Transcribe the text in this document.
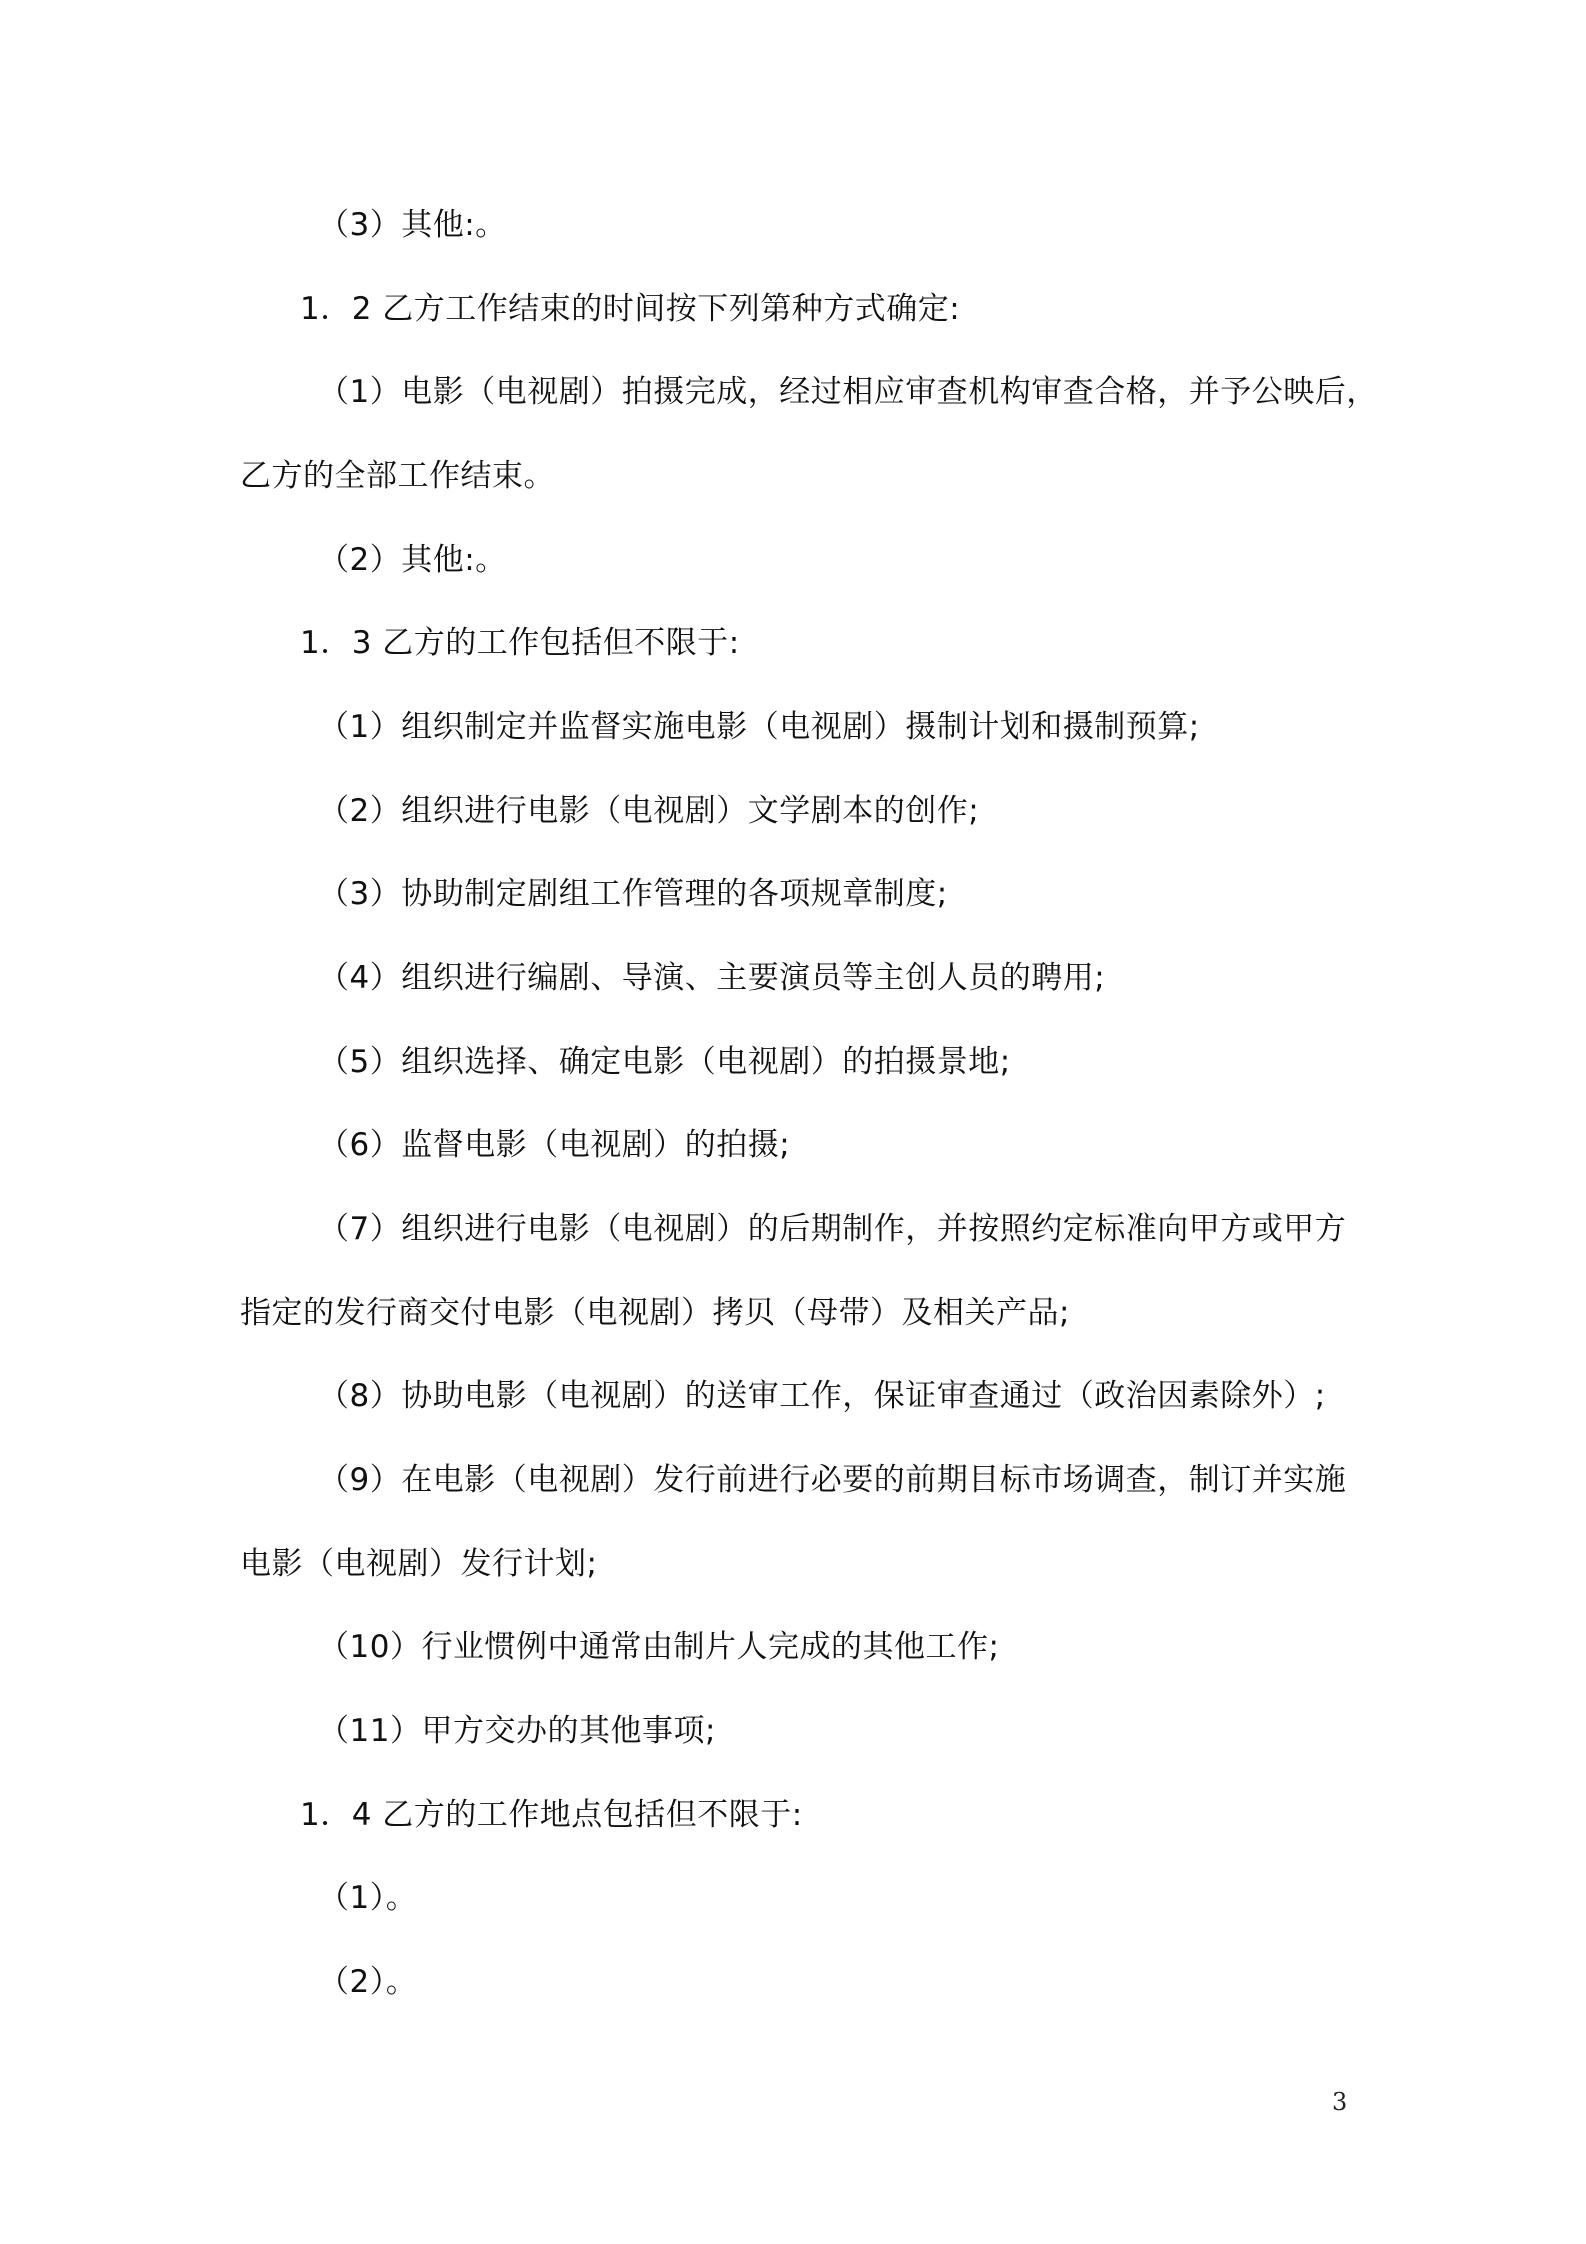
（3）其他:。
1．2 乙方工作结束的时间按下列第种方式确定:
（1）电影（电视剧）拍摄完成，经过相应审查机构审查合格，并予公映后，
乙方的全部工作结束。
（2）其他:。
1．3 乙方的工作包括但不限于:
（1）组织制定并监督实施电影（电视剧）摄制计划和摄制预算;
（2）组织进行电影（电视剧）文学剧本的创作;
（3）协助制定剧组工作管理的各项规章制度;
（4）组织进行编剧、导演、主要演员等主创人员的聘用;
（5）组织选择、确定电影（电视剧）的拍摄景地;
（6）监督电影（电视剧）的拍摄;
（7）组织进行电影（电视剧）的后期制作，并按照约定标准向甲方或甲方
指定的发行商交付电影（电视剧）拷贝（母带）及相关产品;
（8）协助电影（电视剧）的送审工作，保证审查通过（政治因素除外）;
（9）在电影（电视剧）发行前进行必要的前期目标市场调查，制订并实施
电影（电视剧）发行计划;
（10）行业惯例中通常由制片人完成的其他工作;
（11）甲方交办的其他事项;
1．4 乙方的工作地点包括但不限于:
（1）。
（2）。
3
